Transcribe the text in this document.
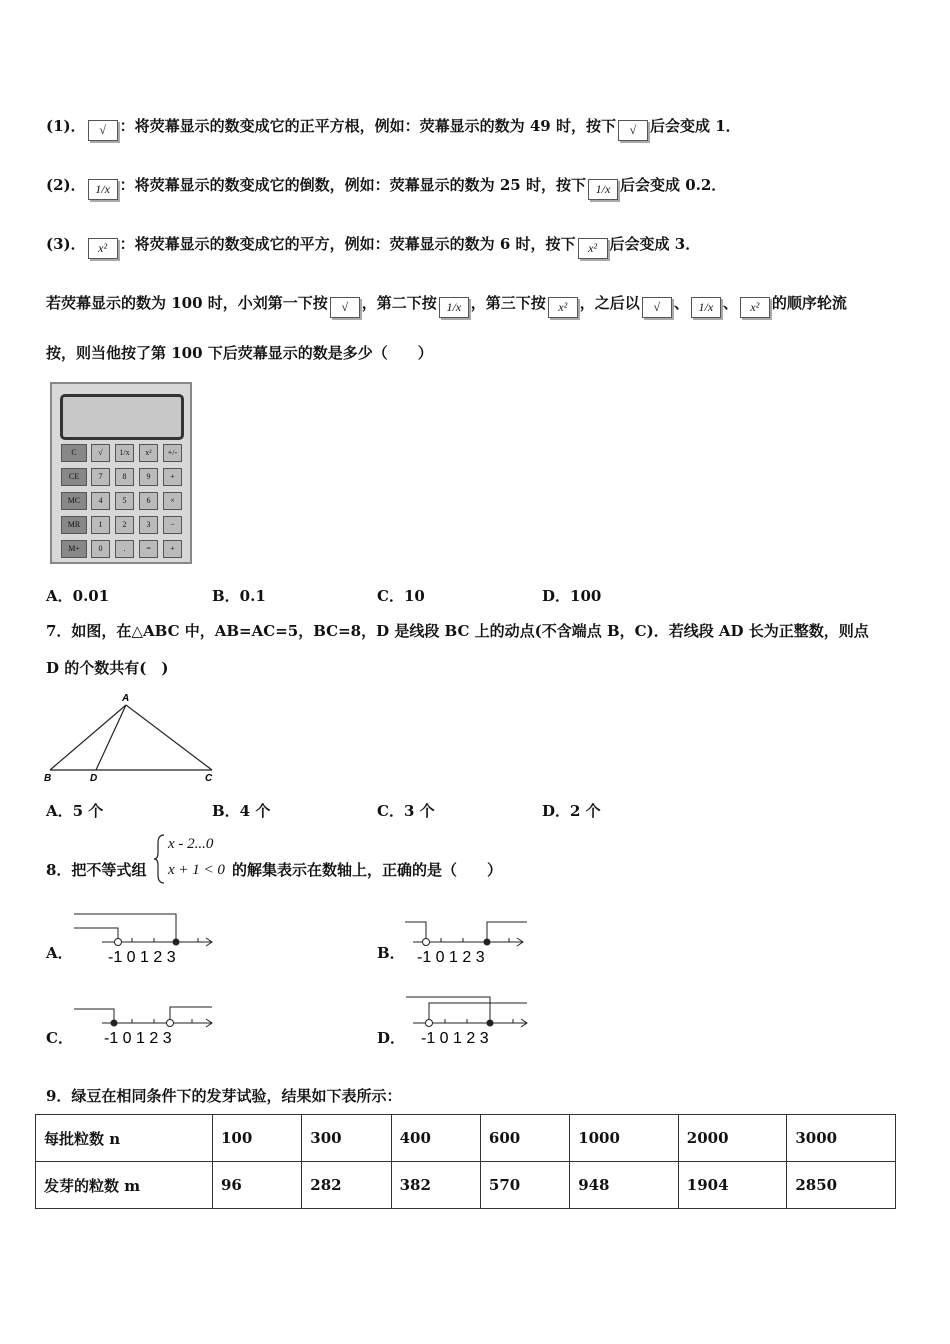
(1)． √ ：将荧幕显示的数变成它的正平方根，例如：荧幕显示的数为 49 时，按下 √ 后会变成 1．
(2)． 1/x ：将荧幕显示的数变成它的倒数，例如：荧幕显示的数为 25 时，按下 1/x 后会变成 0.2．
(3)． x² ：将荧幕显示的数变成它的平方，例如：荧幕显示的数为 6 时，按下 x² 后会变成 3．
若荧幕显示的数为 100 时，小刘第一下按 √ ，第二下按 1/x ，第三下按 x² ，之后以 √ 、 1/x 、 x² 的顺序轮流
按，则当他按了第 100 下后荧幕显示的数是多少（　　）
C	√	1/x	x²	+/-
CE	7	8	9	+
MC	4	5	6	×
MR	1	2	3	−
M+	0	.	=	+
A．0.01	B．0.1	C．10	D．100
7．如图，在△ABC 中，AB=AC=5，BC=8，D 是线段 BC 上的动点(不含端点 B，C)．若线段 AD 长为正整数，则点
D 的个数共有(　)
A
B	D	C
A．5 个	B．4 个	C．3 个	D．2 个
8．把不等式组
x - 2...0
x + 1 < 0 的解集表示在数轴上，正确的是（　　）
A．	B．
C．	D．
-1 0 1 2 3	-1 0 1 2 3
-1 0 1 2 3	-1 0 1 2 3
9．绿豆在相同条件下的发芽试验，结果如下表所示：
每批粒数 n	100	300	400	600	1000	2000	3000
发芽的粒数 m	96	282	382	570	948	1904	2850
